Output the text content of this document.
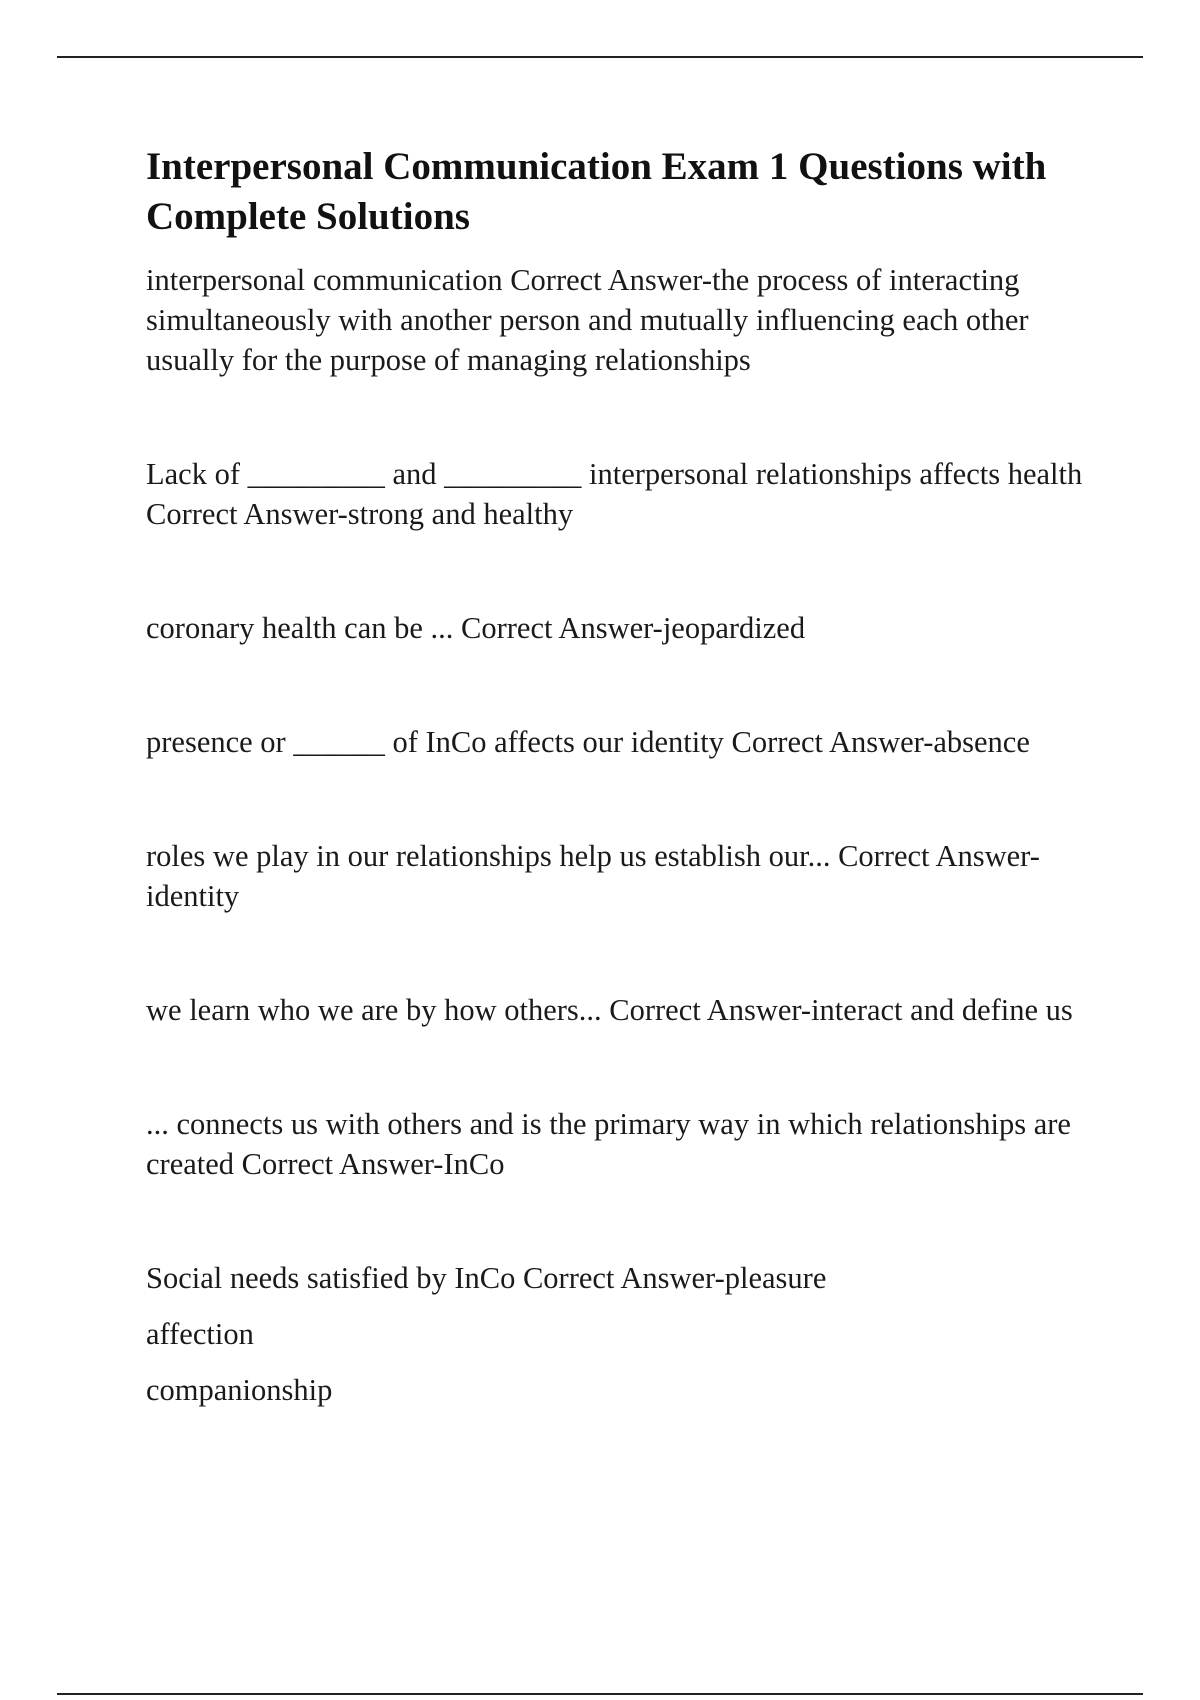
Interpersonal Communication Exam 1 Questions with
Complete Solutions

interpersonal communication Correct Answer-the process of interacting simultaneously with another person and mutually influencing each other usually for the purpose of managing relationships

Lack of _________ and _________ interpersonal relationships affects health Correct Answer-strong and healthy

coronary health can be ... Correct Answer-jeopardized

presence or ______ of InCo affects our identity Correct Answer-absence

roles we play in our relationships help us establish our... Correct Answer-identity

we learn who we are by how others... Correct Answer-interact and define us

... connects us with others and is the primary way in which relationships are created Correct Answer-InCo

Social needs satisfied by InCo Correct Answer-pleasure
affection
companionship
